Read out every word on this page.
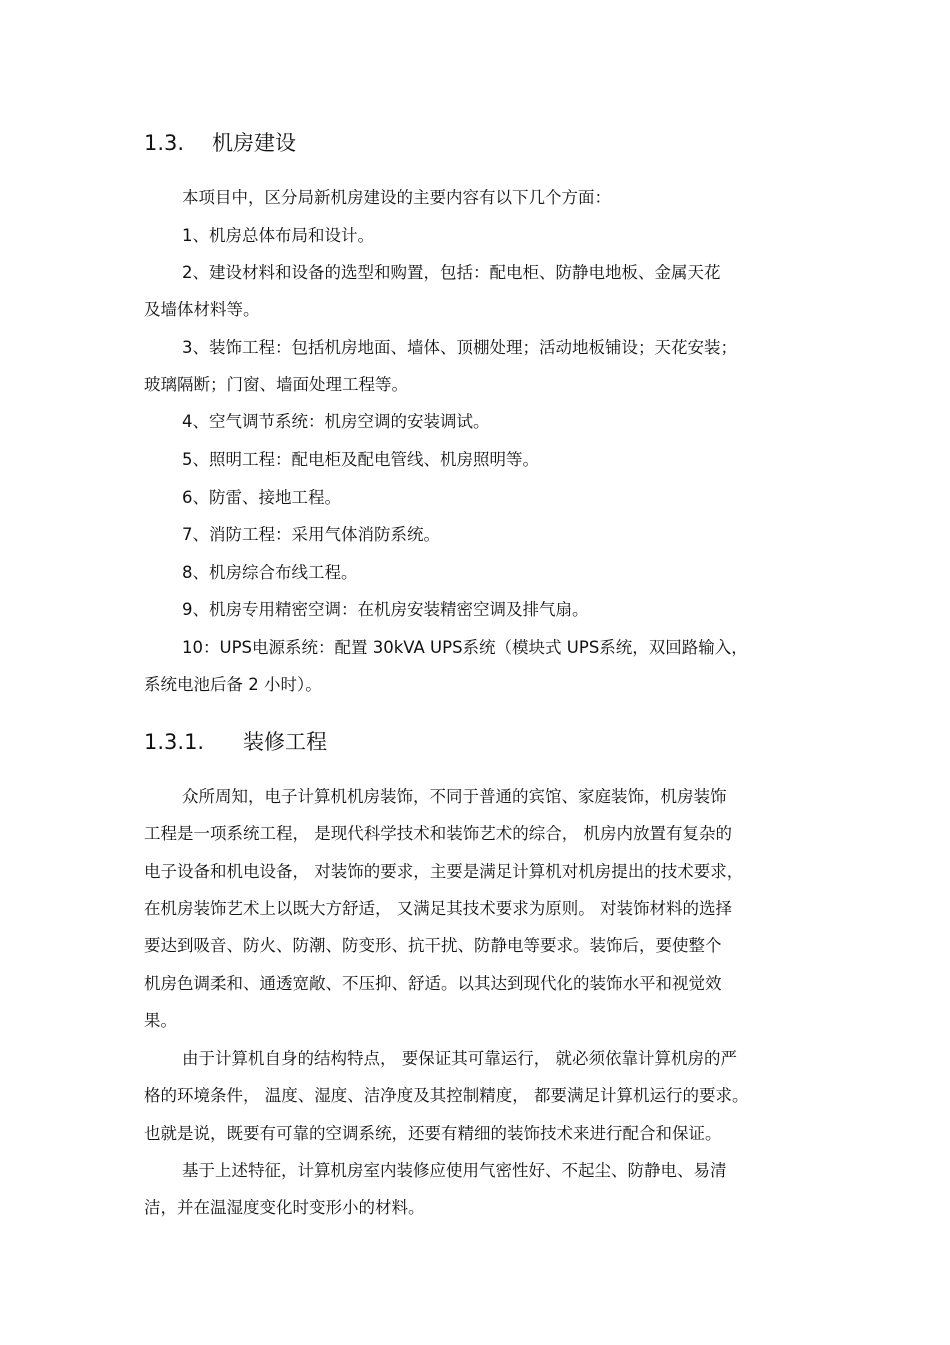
1.3. 机房建设

本项目中，区分局新机房建设的主要内容有以下几个方面：

1、机房总体布局和设计。

2、建设材料和设备的选型和购置，包括：配电柜、防静电地板、金属天花

及墙体材料等。

3、装饰工程：包括机房地面、墙体、顶棚处理；活动地板铺设；天花安装；

玻璃隔断；门窗、墙面处理工程等。

4、空气调节系统：机房空调的安装调试。

5、照明工程：配电柜及配电管线、机房照明等。

6、防雷、接地工程。

7、消防工程：采用气体消防系统。

8、机房综合布线工程。

9、机房专用精密空调：在机房安装精密空调及排气扇。

10：UPS电源系统：配置 30kVA UPS系统（模块式 UPS系统，双回路输入，

系统电池后备 2 小时）。

1.3.1. 装修工程

众所周知，电子计算机机房装饰，不同于普通的宾馆、家庭装饰，机房装饰

工程是一项系统工程， 是现代科学技术和装饰艺术的综合， 机房内放置有复杂的

电子设备和机电设备， 对装饰的要求，主要是满足计算机对机房提出的技术要求，

在机房装饰艺术上以既大方舒适， 又满足其技术要求为原则。 对装饰材料的选择

要达到吸音、防火、防潮、防变形、抗干扰、防静电等要求。装饰后，要使整个

机房色调柔和、通透宽敞、不压抑、舒适。以其达到现代化的装饰水平和视觉效

果。

由于计算机自身的结构特点， 要保证其可靠运行， 就必须依靠计算机房的严

格的环境条件， 温度、湿度、洁净度及其控制精度， 都要满足计算机运行的要求。

也就是说，既要有可靠的空调系统，还要有精细的装饰技术来进行配合和保证。

基于上述特征，计算机房室内装修应使用气密性好、不起尘、防静电、易清

洁，并在温湿度变化时变形小的材料。
